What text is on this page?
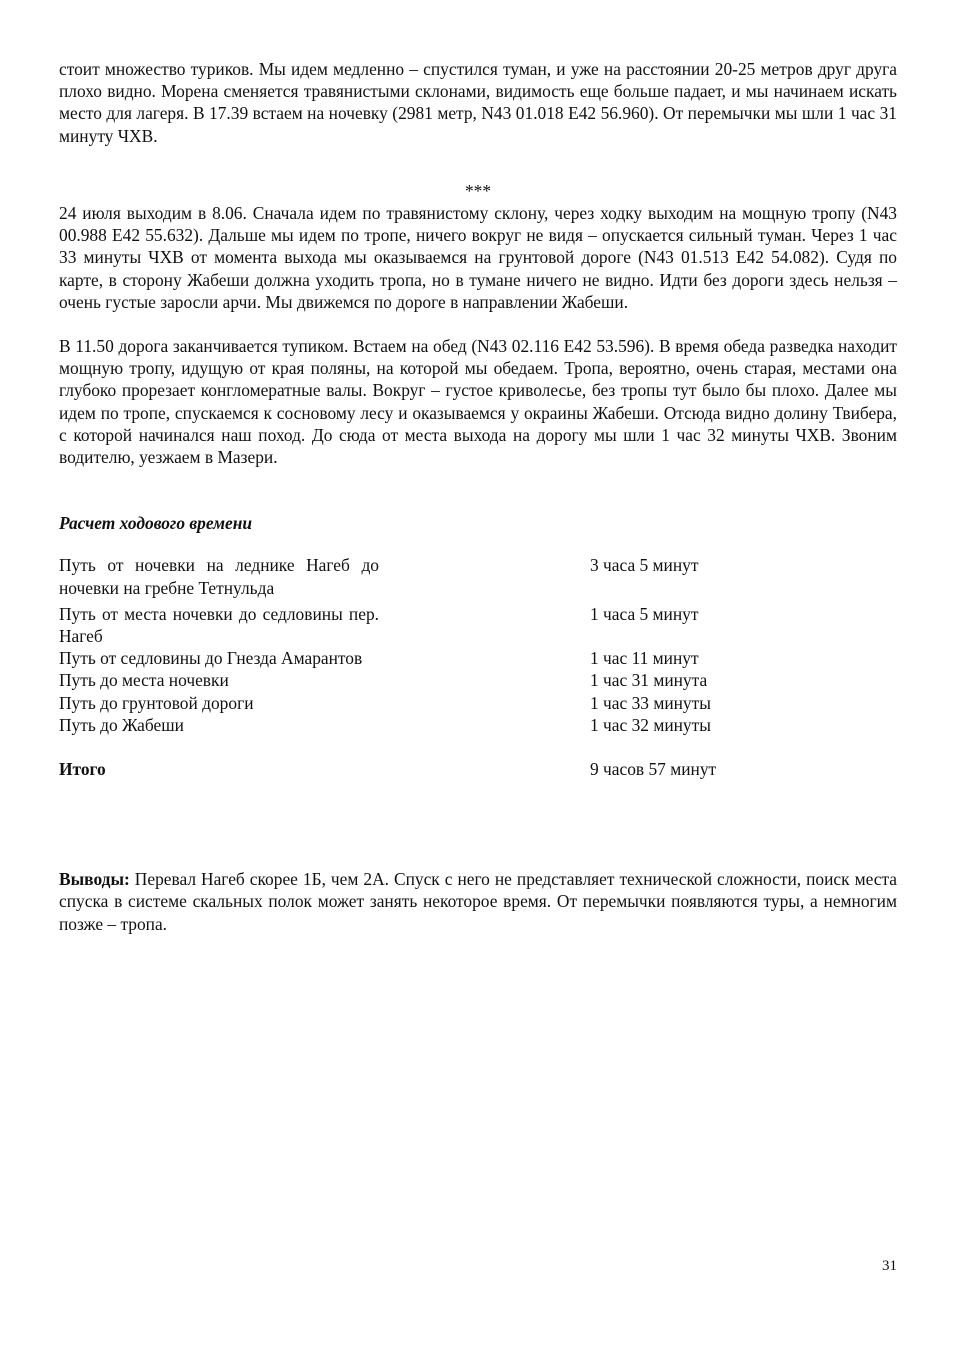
стоит множество туриков. Мы идем медленно – спустился туман, и уже на расстоянии 20-25 метров друг друга плохо видно. Морена сменяется травянистыми склонами, видимость еще больше падает, и мы начинаем искать место для лагеря. В 17.39 встаем на ночевку (2981 метр, N43 01.018 E42 56.960). От перемычки мы шли 1 час 31 минуту ЧХВ.

***

24 июля выходим в 8.06. Сначала идем по травянистому склону, через ходку выходим на мощную тропу (N43 00.988 E42 55.632). Дальше мы идем по тропе, ничего вокруг не видя – опускается сильный туман. Через 1 час 33 минуты ЧХВ от момента выхода мы оказываемся на грунтовой дороге (N43 01.513 E42 54.082). Судя по карте, в сторону Жабеши должна уходить тропа, но в тумане ничего не видно. Идти без дороги здесь нельзя – очень густые заросли арчи. Мы движемся по дороге в направлении Жабеши.

В 11.50 дорога заканчивается тупиком. Встаем на обед (N43 02.116 E42 53.596). В время обеда разведка находит мощную тропу, идущую от края поляны, на которой мы обедаем. Тропа, вероятно, очень старая, местами она глубоко прорезает конгломератные валы. Вокруг – густое криволесье, без тропы тут было бы плохо. Далее мы идем по тропе, спускаемся к сосновому лесу и оказываемся у окраины Жабеши. Отсюда видно долину Твибера, с которой начинался наш поход. До сюда от места выхода на дорогу мы шли 1 час 32 минуты ЧХВ. Звоним водителю, уезжаем в Мазери.

Расчет ходового времени

Путь от ночевки на леднике Нагеб до ночевки на гребне Тетнульда		3 часа 5 минут
Путь от места ночевки до седловины пер. Нагеб		1 часа 5 минут
Путь от седловины до Гнезда Амарантов		1 час 11 минут
Путь до места ночевки		1 час 31 минута
Путь до грунтовой дороги		1 час 33 минуты
Путь до Жабеши		1 час 32 минуты
Итого		9 часов 57 минут

Выводы: Перевал Нагеб скорее 1Б, чем 2А. Спуск с него не представляет технической сложности, поиск места спуска в системе скальных полок может занять некоторое время. От перемычки появляются туры, а немногим позже – тропа.

31
